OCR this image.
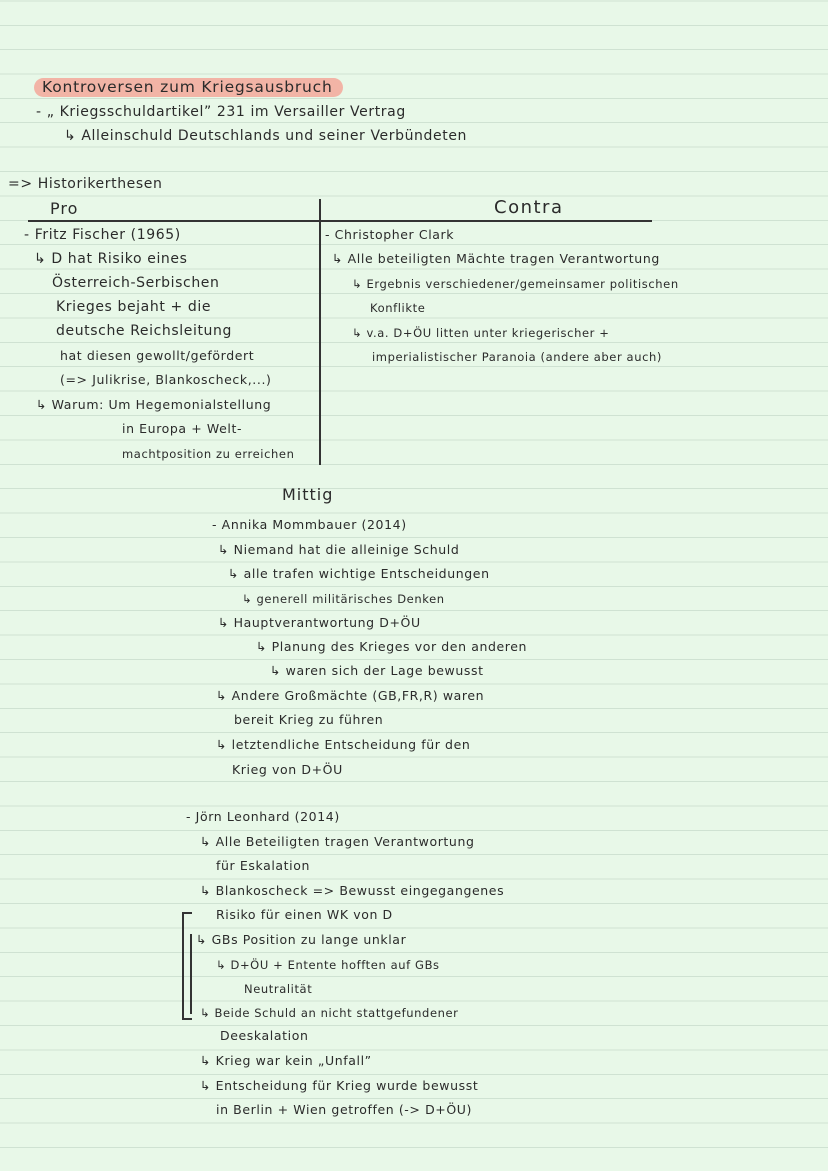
Kontroversen zum Kriegsausbruch
- „ Kriegsschuldartikel” 231 im Versailler Vertrag
↳ Alleinschuld Deutschlands und seiner Verbündeten
=> Historikerthesen
Pro	Contra
- Fritz Fischer (1965)
↳ D hat Risiko eines
Österreich-Serbischen
Krieges bejaht + die
deutsche Reichsleitung
hat diesen gewollt/gefördert
(=> Julikrise, Blankoscheck,...)
↳ Warum: Um Hegemonialstellung
in Europa + Welt-
machtposition zu erreichen
- Christopher Clark
↳ Alle beteiligten Mächte tragen Verantwortung
↳ Ergebnis verschiedener/gemeinsamer politischen
Konflikte
↳ v.a. D+ÖU litten unter kriegerischer +
imperialistischer Paranoia (andere aber auch)
Mittig
- Annika Mommbauer (2014)
↳ Niemand hat die alleinige Schuld
↳ alle trafen wichtige Entscheidungen
↳ generell militärisches Denken
↳ Hauptverantwortung D+ÖU
↳ Planung des Krieges vor den anderen
↳ waren sich der Lage bewusst
↳ Andere Großmächte (GB,FR,R) waren
bereit Krieg zu führen
↳ letztendliche Entscheidung für den
Krieg von D+ÖU
- Jörn Leonhard (2014)
↳ Alle Beteiligten tragen Verantwortung
für Eskalation
↳ Blankoscheck => Bewusst eingegangenes
Risiko für einen WK von D
↳ GBs Position zu lange unklar
↳ D+ÖU + Entente hofften auf GBs
Neutralität
↳ Beide Schuld an nicht stattgefundener
Deeskalation
↳ Krieg war kein „Unfall”
↳ Entscheidung für Krieg wurde bewusst
in Berlin + Wien getroffen (-> D+ÖU)
